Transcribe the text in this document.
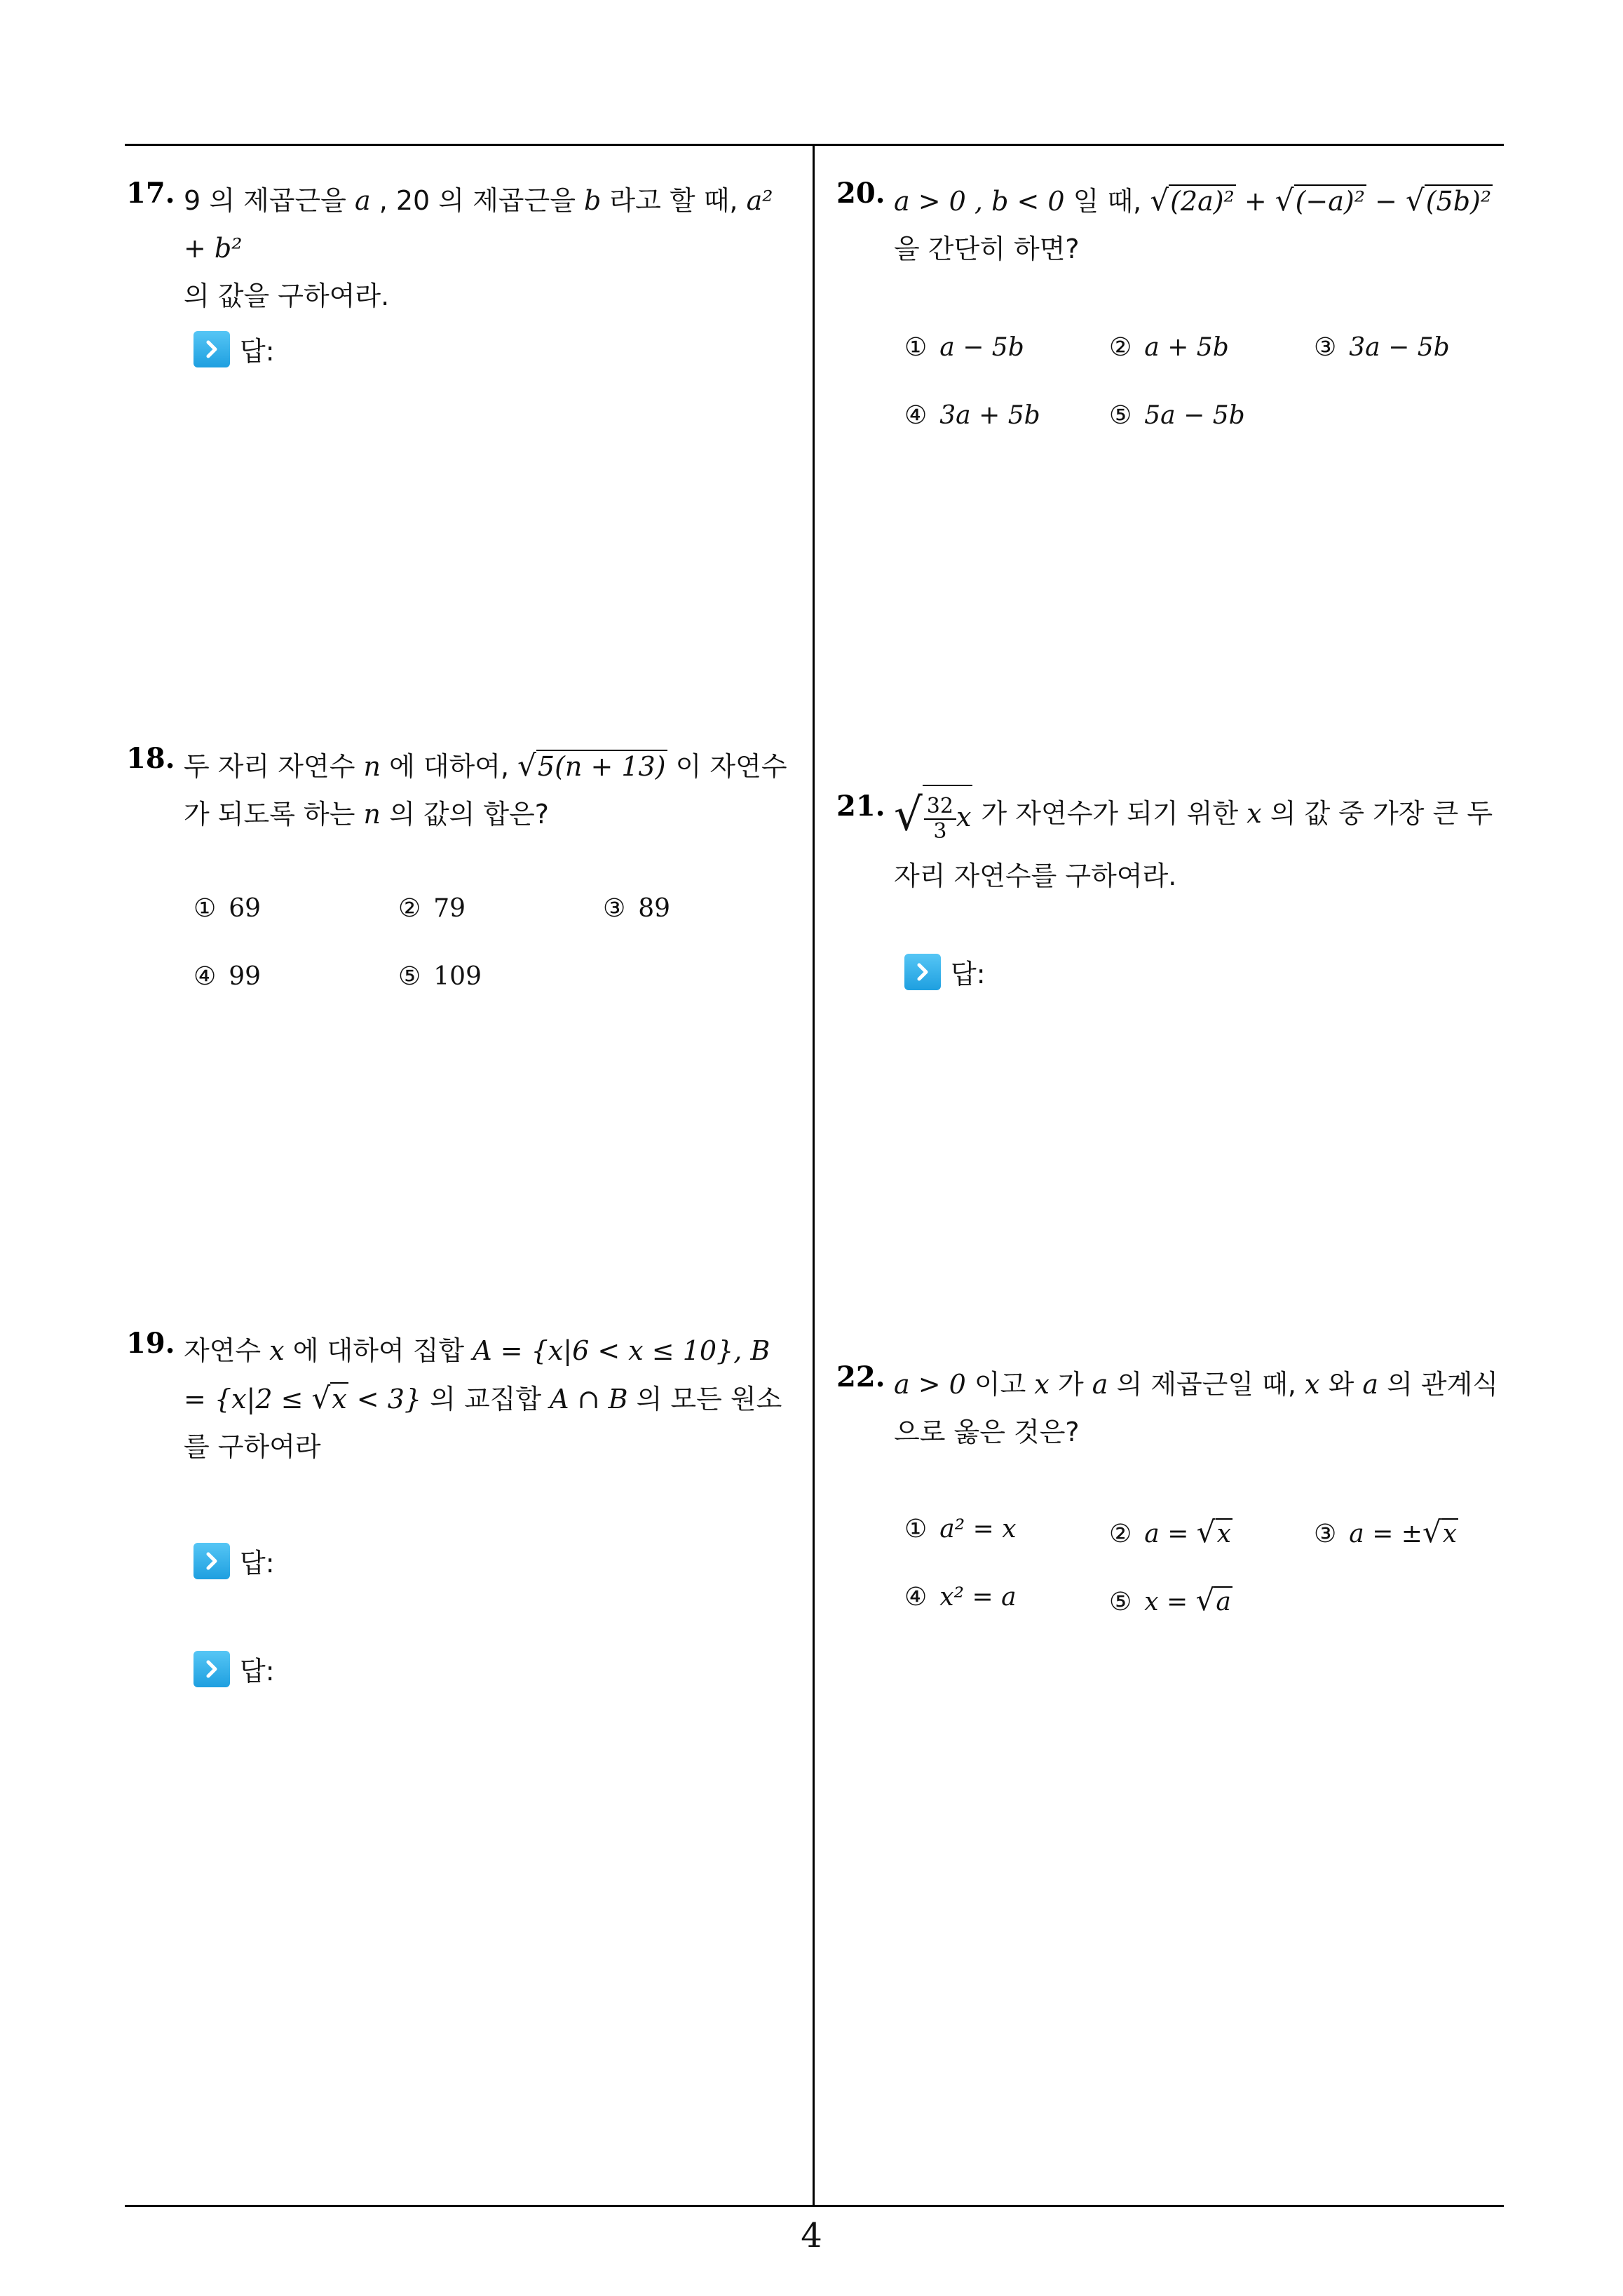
17. 9 의 제곱근을 a , 20 의 제곱근을 b 라고 할 때, a² + b²
의 값을 구하여라.
답:
18. 두 자리 자연수 n 에 대하여, √5(n + 13) 이 자연수가 되도록 하는 n 의 값의 합은?
① 69	② 79	③ 89
④ 99	⑤ 109
19. 자연수 x 에 대하여 집합 A = {x|6 < x ≤ 10}, B = {x|2 ≤ √x < 3} 의 교집합 A ∩ B 의 모든 원소를 구하여라
답:
답:
20. a > 0 , b < 0 일 때, √(2a)² + √(−a)² − √(5b)² 을 간단히 하면?
① a − 5b	② a + 5b	③ 3a − 5b
④ 3a + 5b	⑤ 5a − 5b
21. √ $\frac{32}{3}$ x 가 자연수가 되기 위한 x 의 값 중 가장 큰 두 자리 자연수를 구하여라.
답:
22. a > 0 이고 x 가 a 의 제곱근일 때, x 와 a 의 관계식으로 옳은 것은?
① a² = x	② a = √x	③ a = ±√x
④ x² = a	⑤ x = √a
4
